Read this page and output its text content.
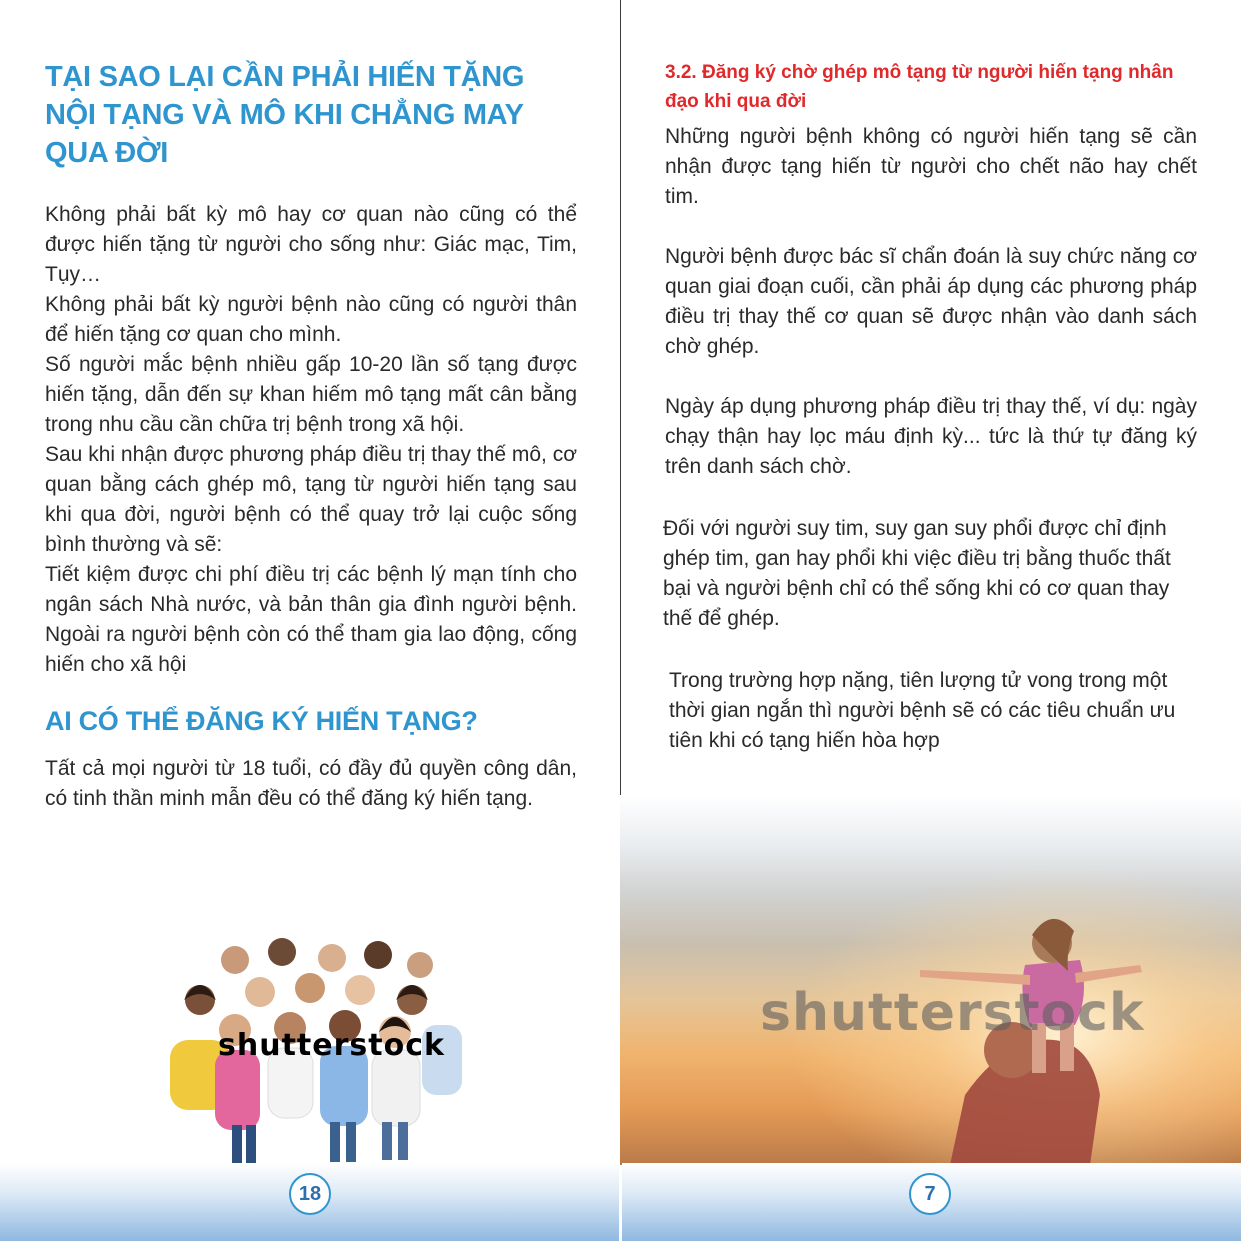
TẠI SAO LẠI CẦN PHẢI HIẾN TẶNG NỘI TẠNG VÀ MÔ KHI CHẲNG MAY QUA ĐỜI

Không phải bất kỳ mô hay cơ quan nào cũng có thể được hiến tặng từ người cho sống như: Giác mạc, Tim, Tụy…

Không phải bất kỳ người bệnh nào cũng có người thân để hiến tặng cơ quan cho mình.

Số người mắc bệnh nhiều gấp 10-20 lần số tạng được hiến tặng, dẫn đến sự khan hiếm mô tạng mất cân bằng trong nhu cầu cần chữa trị bệnh trong xã hội.

Sau khi nhận được phương pháp điều trị thay thế mô, cơ quan bằng cách ghép mô, tạng từ người hiến tạng sau khi qua đời, người bệnh có thể quay trở lại cuộc sống bình thường và sẽ:

Tiết kiệm được chi phí điều trị các bệnh lý mạn tính cho ngân sách Nhà nước, và bản thân gia đình người bệnh. Ngoài ra người bệnh còn có thể tham gia lao động, cống hiến cho xã hội

AI CÓ THỂ ĐĂNG KÝ HIẾN TẠNG?

Tất cả mọi người từ 18 tuổi, có đầy đủ quyền công dân, có tinh thần minh mẫn đều có thể đăng ký hiến tạng.

shutterstock
3.2. Đăng ký chờ ghép mô tạng từ người hiến tạng nhân đạo khi qua đời

Những người bệnh không có người hiến tạng sẽ cần nhận được tạng hiến từ người cho chết não hay chết tim.

Người bệnh được bác sĩ chẩn đoán là suy chức năng cơ quan giai đoạn cuối, cần phải áp dụng các phương pháp điều trị thay thế cơ quan sẽ được nhận vào danh sách chờ ghép.

Ngày áp dụng phương pháp điều trị thay thế, ví dụ: ngày chạy thận hay lọc máu định kỳ... tức là thứ tự đăng ký trên danh sách chờ.

Đối với người suy tim, suy gan suy phổi được chỉ định ghép tim, gan hay phổi khi việc điều trị bằng thuốc thất bại và người bệnh chỉ có thể sống khi có cơ quan thay thế để ghép.

Trong trường hợp nặng, tiên lượng tử vong trong một thời gian ngắn thì người bệnh sẽ có các tiêu chuẩn ưu tiên khi có tạng hiến hòa hợp

shutterstock
18	7
